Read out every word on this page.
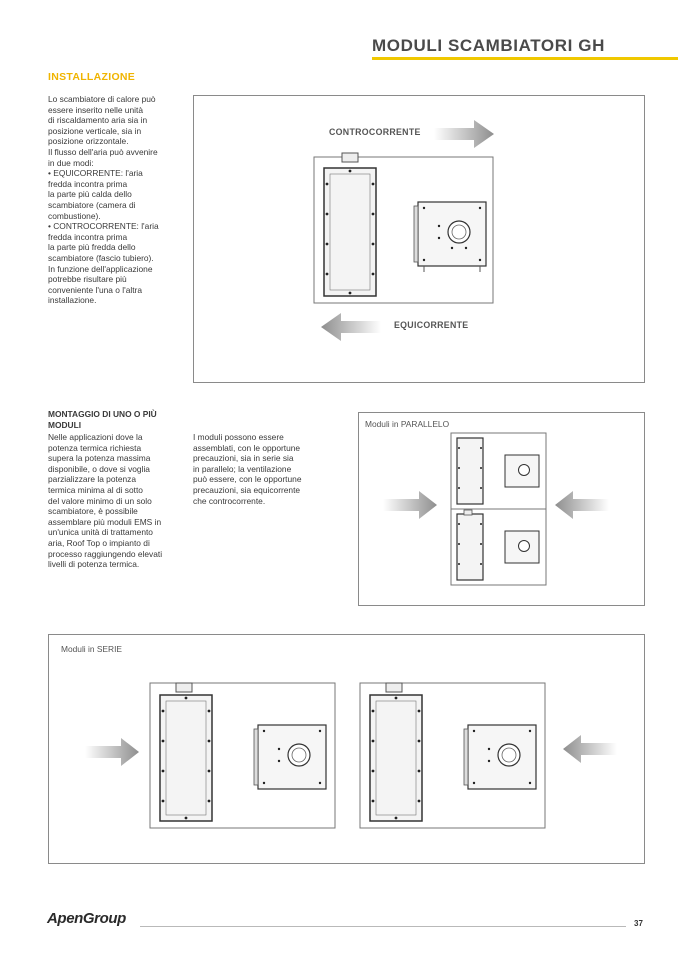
MODULI SCAMBIATORI GH
INSTALLAZIONE
Lo scambiatore di calore può
essere inserito nelle unità
di riscaldamento aria sia in
posizione verticale, sia in
posizione orizzontale.
Il flusso dell'aria può avvenire
in due modi:
• EQUICORRENTE: l'aria
fredda incontra prima
la parte più calda dello
scambiatore (camera di
combustione).
• CONTROCORRENTE: l'aria
fredda incontra prima
la parte più fredda dello
scambiatore (fascio tubiero).
In funzione dell'applicazione
potrebbe risultare più
conveniente l'una o l'altra
installazione.
CONTROCORRENTE
EQUICORRENTE
MONTAGGIO DI UNO O PIÙ
MODULI
Nelle applicazioni dove la
potenza termica richiesta
supera la potenza massima
disponibile, o dove si voglia
parzializzare la potenza
termica minima al di sotto
del valore minimo di un solo
scambiatore, è possibile
assemblare più moduli EMS in
un'unica unità di trattamento
aria, Roof Top o impianto di
processo raggiungendo elevati
livelli di potenza termica.
I moduli possono essere
assemblati, con le opportune
precauzioni, sia in serie sia
in parallelo; la ventilazione
può essere, con le opportune
precauzioni, sia equicorrente
che controcorrente.
Moduli in PARALLELO
Moduli in SERIE
ApenGroup	37
